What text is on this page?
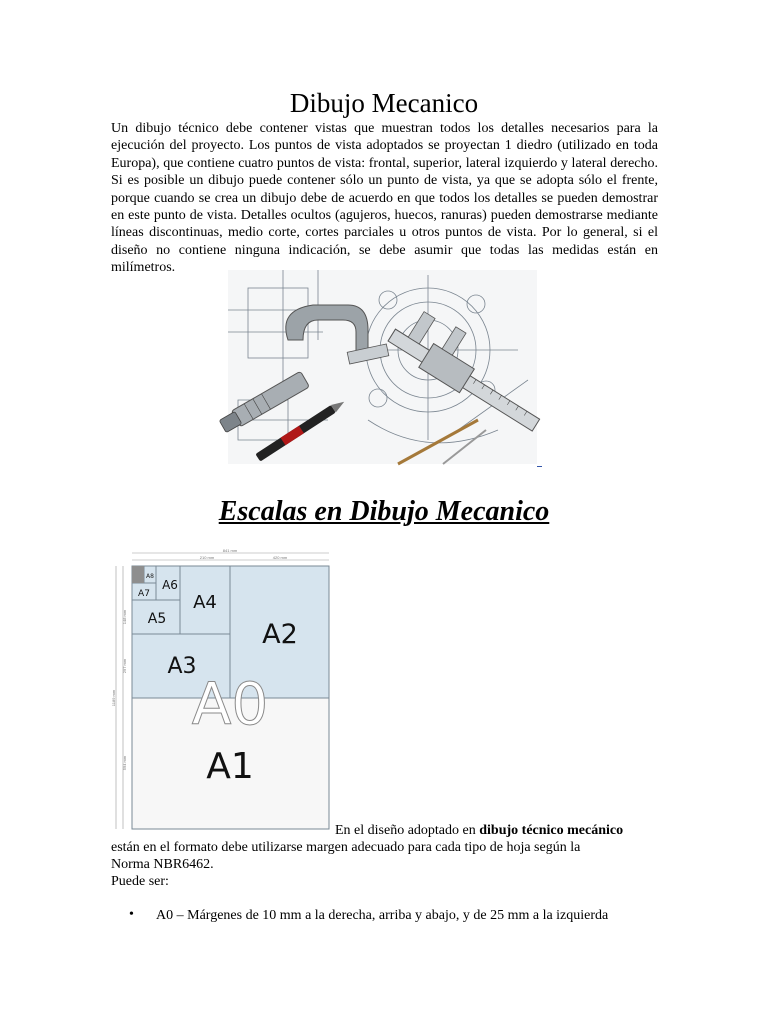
Dibujo Mecanico
Un dibujo técnico debe contener vistas que muestran todos los detalles necesarios para la ejecución del proyecto. Los puntos de vista adoptados se proyectan 1 diedro (utilizado en toda Europa), que contiene cuatro puntos de vista: frontal, superior, lateral izquierdo y lateral derecho. Si es posible un dibujo puede contener sólo un punto de vista, ya que se adopta sólo el frente, porque cuando se crea un dibujo debe de acuerdo en que todos los detalles se pueden demostrar en este punto de vista. Detalles ocultos (agujeros, huecos, ranuras) pueden demostrarse mediante líneas discontinuas, medio corte, cortes parciales u otros puntos de vista. Por lo general, si el diseño no contiene ninguna indicación, se debe asumir que todas las medidas están en milímetros.
Escalas en Dibujo Mecanico
841 mm
210 mm	420 mm
1189 mm
148 mm
297 mm
594 mm
A8
A7
A6
A5
A4
A3
A2
A0
A1
En el diseño adoptado en dibujo técnico mecánico
están en el formato debe utilizarse margen adecuado para cada tipo de hoja según la
Norma NBR6462.
Puede ser:
• A0 – Márgenes de 10 mm a la derecha, arriba y abajo, y de 25 mm a la izquierda
